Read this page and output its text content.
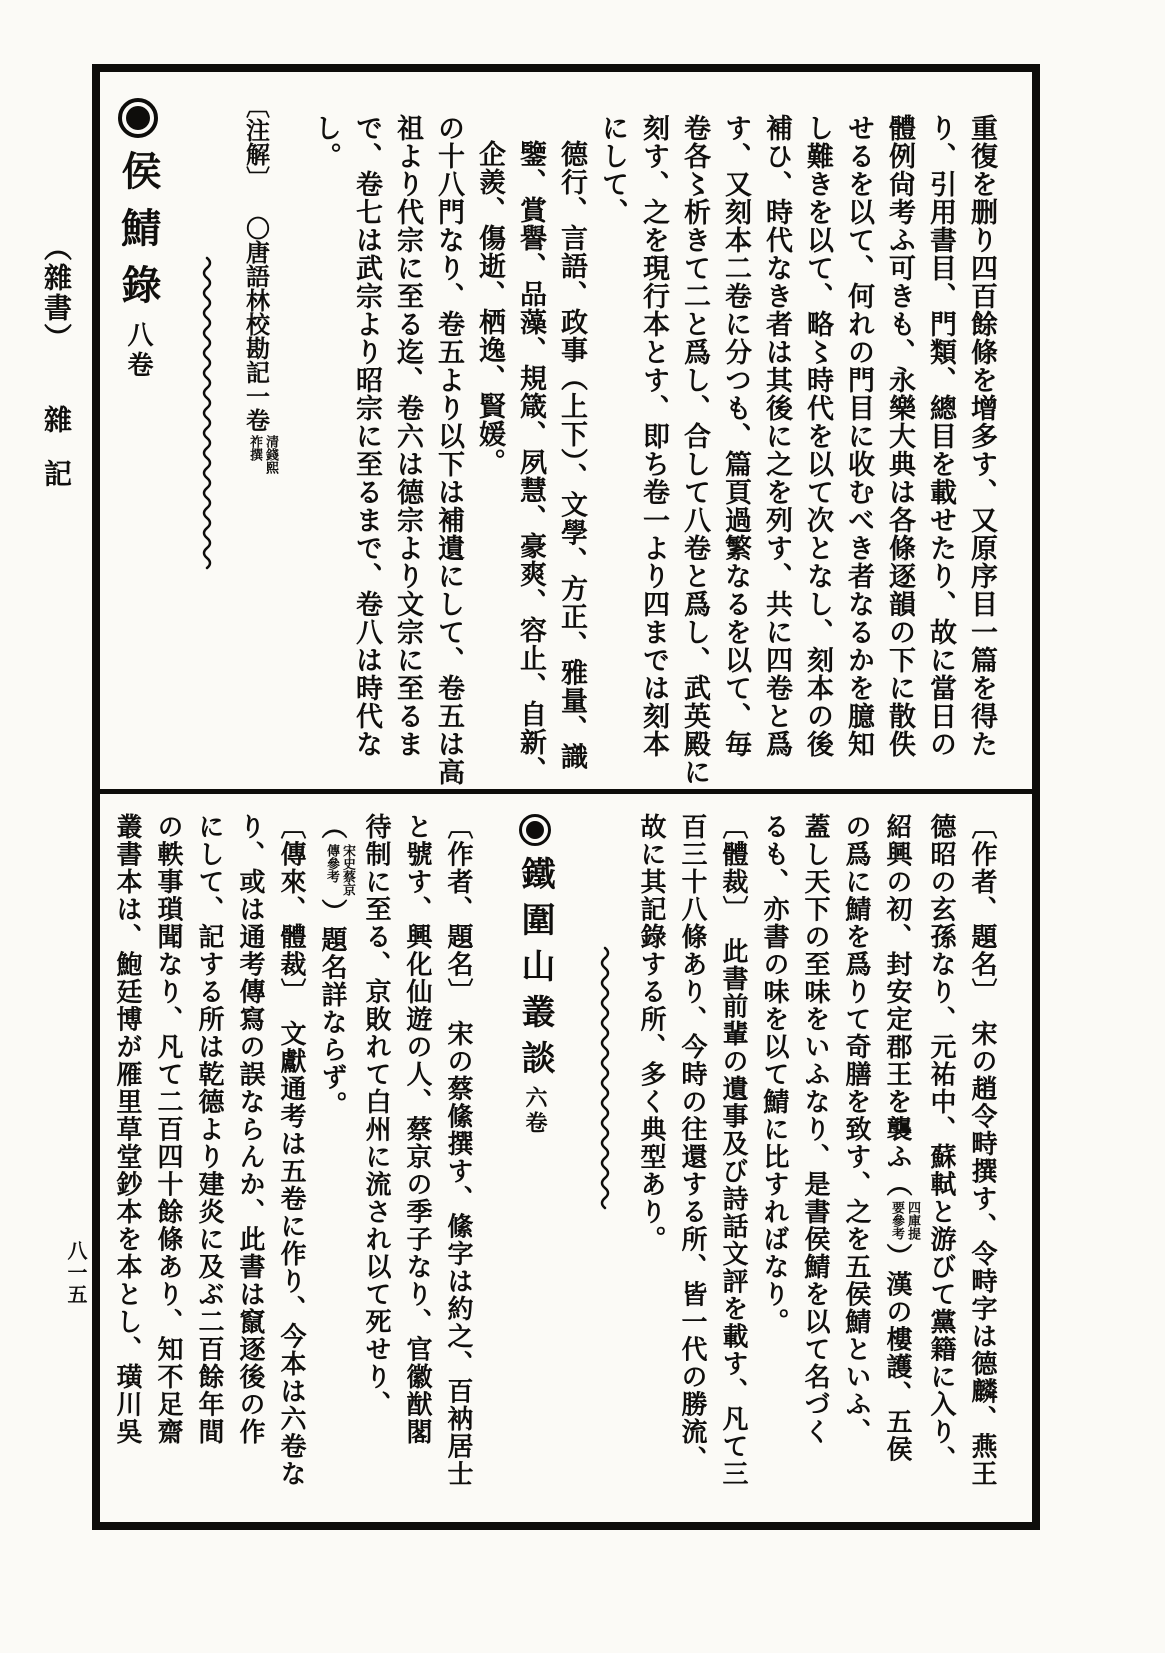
（雜書）雜記
八一五

重復を删り四百餘條を增多す、又原序目一篇を得た

り、引用書目、門類、總目を載せたり、故に當日の

體例尙考ふ可きも、永樂大典は各條逐韻の下に散佚

せるを以て、何れの門目に收むべき者なるかを臆知

し難きを以て、略〻時代を以て次となし、刻本の後

補ひ、時代なき者は其後に之を列す、共に四卷と爲

す、又刻本二卷に分つも、篇頁過繁なるを以て、毎

卷各〻析きて二と爲し、合して八卷と爲し、武英殿に

刻す、之を現行本とす、即ち卷一より四までは刻本

にして、

德行、言語、政事（上下）、文學、方正、雅量、識

鑒、賞譽、品藻、規箴、夙慧、豪爽、容止、自新、

企羨、傷逝、栖逸、賢媛。

の十八門なり、卷五より以下は補遺にして、卷五は高

祖より代宗に至る迄、卷六は德宗より文宗に至るま

で、卷七は武宗より昭宗に至るまで、卷八は時代な

し。

〔注解〕〇唐語林校勘記一卷
清錢熙
祚撰
侯鯖錄八卷

〔作者、題名〕　宋の趙令畤撰す、令畤字は德麟、燕王

德昭の玄孫なり、元祐中、蘇軾と游びて黨籍に入り、

紹興の初、封安定郡王を襲ふ（
四庫提
要參考
）漢の樓護、五侯

の爲に鯖を爲りて奇膳を致す、之を五侯鯖といふ、

蓋し天下の至味をいふなり、是書侯鯖を以て名づく

るも、亦書の味を以て鯖に比すればなり。

〔體裁〕　此書前輩の遺事及び詩話文評を載す、凡て三

百三十八條あり、今時の往還する所、皆一代の勝流、

故に其記錄する所、多く典型あり。

鐵圍山叢談六卷

〔作者、題名〕　宋の蔡絛撰す、絛字は約之、百衲居士

と號す、興化仙遊の人、蔡京の季子なり、官徽猷閣

待制に至る、京敗れて白州に流され以て死せり、

（
宋史蔡京
傳參考
）題名詳ならず。

〔傳來、體裁〕　文獻通考は五卷に作り、今本は六卷な

り、或は通考傳寫の誤ならんか、此書は竄逐後の作

にして、記する所は乾德より建炎に及ぶ二百餘年間

の軼事瑣聞なり、凡て二百四十餘條あり、知不足齋

叢書本は、鮑廷博が雁里草堂鈔本を本とし、璜川吳
